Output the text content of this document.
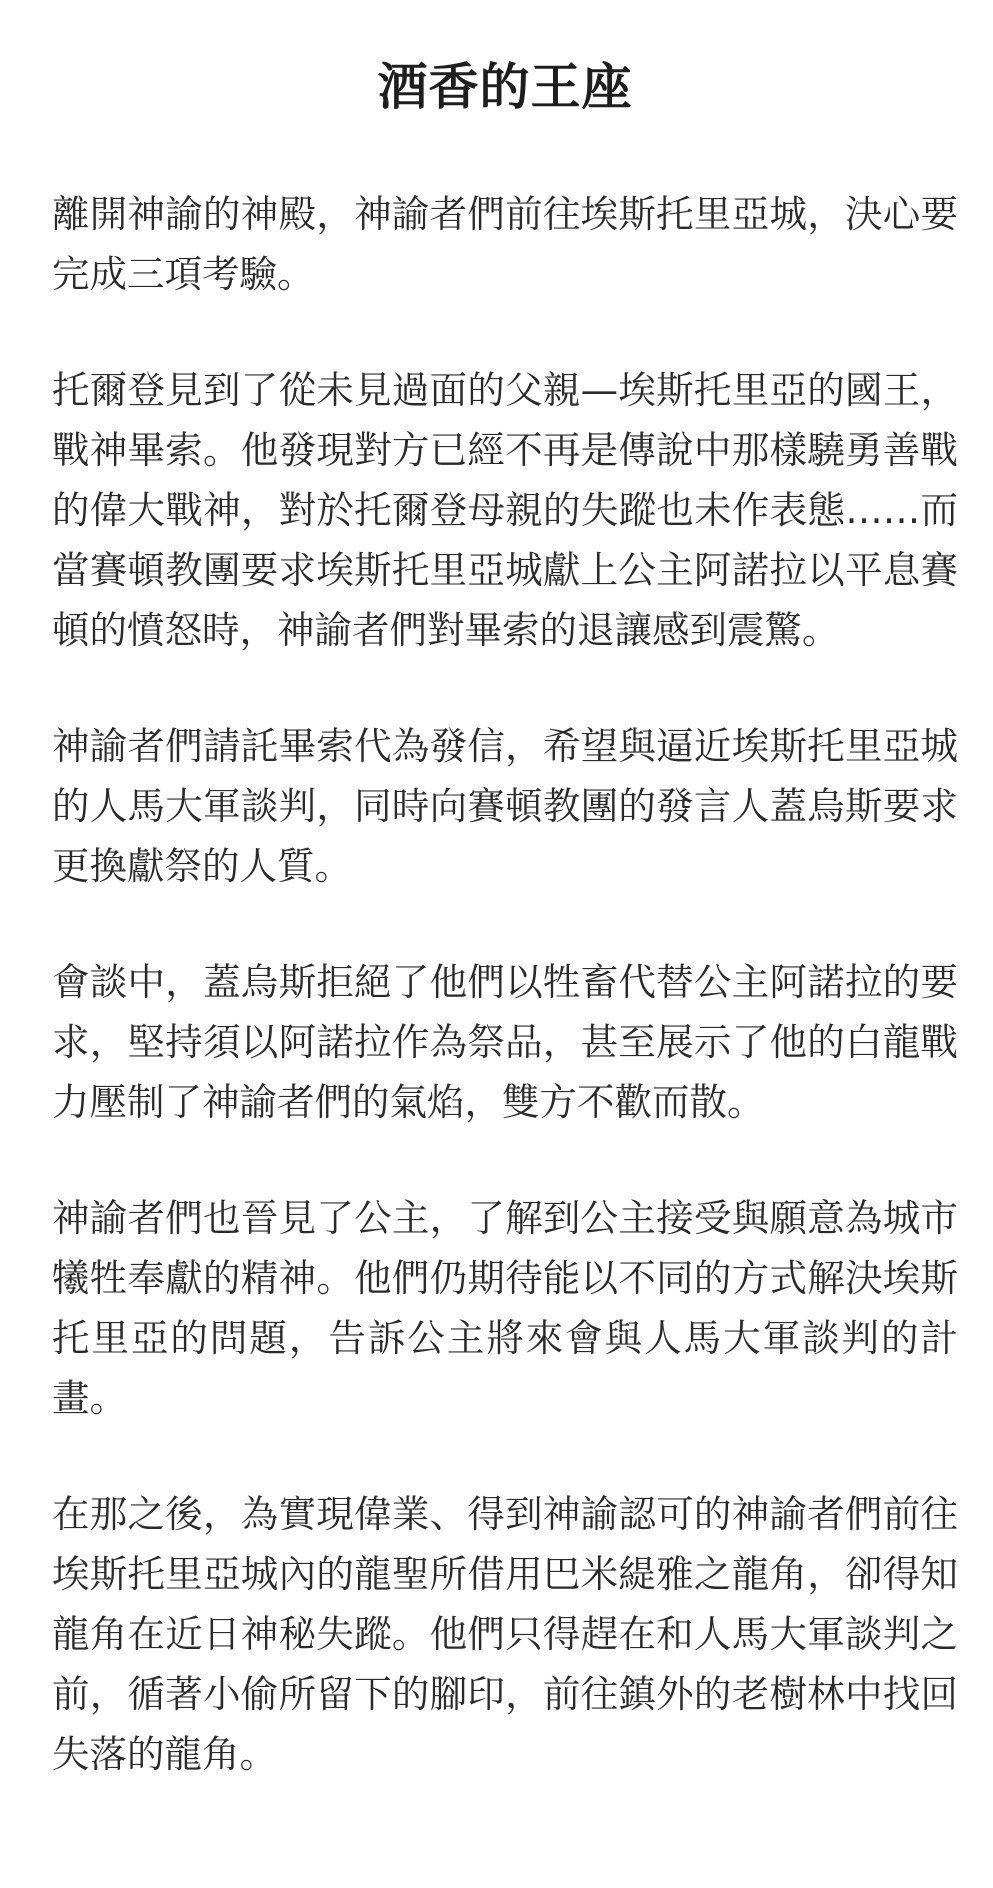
酒香的王座

離開神諭的神殿，神諭者們前往埃斯托里亞城，決心要完成三項考驗。

托爾登見到了從未見過面的父親—埃斯托里亞的國王，戰神畢索。他發現對方已經不再是傳說中那樣驍勇善戰的偉大戰神，對於托爾登母親的失蹤也未作表態……而當賽頓教團要求埃斯托里亞城獻上公主阿諾拉以平息賽頓的憤怒時，神諭者們對畢索的退讓感到震驚。

神諭者們請託畢索代為發信，希望與逼近埃斯托里亞城的人馬大軍談判，同時向賽頓教團的發言人蓋烏斯要求更換獻祭的人質。

會談中，蓋烏斯拒絕了他們以牲畜代替公主阿諾拉的要求，堅持須以阿諾拉作為祭品，甚至展示了他的白龍戰力壓制了神諭者們的氣焰，雙方不歡而散。

神諭者們也晉見了公主，了解到公主接受與願意為城市犧牲奉獻的精神。他們仍期待能以不同的方式解決埃斯托里亞的問題，告訴公主將來會與人馬大軍談判的計畫。

在那之後，為實現偉業、得到神諭認可的神諭者們前往埃斯托里亞城內的龍聖所借用巴米緹雅之龍角，卻得知龍角在近日神秘失蹤。他們只得趕在和人馬大軍談判之前，循著小偷所留下的腳印，前往鎮外的老樹林中找回失落的龍角。
